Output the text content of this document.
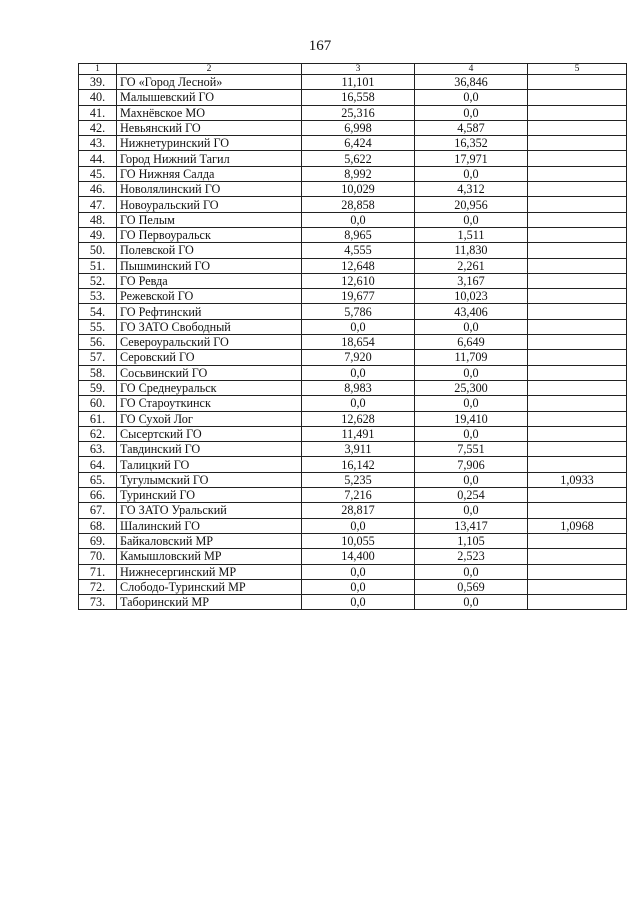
167
1	2	3	4	5
39.	ГО «Город Лесной»	11,101	36,846	
40.	Малышевский ГО	16,558	0,0	
41.	Махнёвское МО	25,316	0,0	
42.	Невьянский ГО	6,998	4,587	
43.	Нижнетуринский ГО	6,424	16,352	
44.	Город Нижний Тагил	5,622	17,971	
45.	ГО Нижняя Салда	8,992	0,0	
46.	Новолялинский ГО	10,029	4,312	
47.	Новоуральский ГО	28,858	20,956	
48.	ГО Пелым	0,0	0,0	
49.	ГО Первоуральск	8,965	1,511	
50.	Полевской ГО	4,555	11,830	
51.	Пышминский ГО	12,648	2,261	
52.	ГО Ревда	12,610	3,167	
53.	Режевской ГО	19,677	10,023	
54.	ГО Рефтинский	5,786	43,406	
55.	ГО ЗАТО Свободный	0,0	0,0	
56.	Североуральский ГО	18,654	6,649	
57.	Серовский ГО	7,920	11,709	
58.	Сосьвинский ГО	0,0	0,0	
59.	ГО Среднеуральск	8,983	25,300	
60.	ГО Староуткинск	0,0	0,0	
61.	ГО Сухой Лог	12,628	19,410	
62.	Сысертский ГО	11,491	0,0	
63.	Тавдинский ГО	3,911	7,551	
64.	Талицкий ГО	16,142	7,906	
65.	Тугулымский ГО	5,235	0,0	1,0933
66.	Туринский ГО	7,216	0,254	
67.	ГО ЗАТО Уральский	28,817	0,0	
68.	Шалинский ГО	0,0	13,417	1,0968
69.	Байкаловский МР	10,055	1,105	
70.	Камышловский МР	14,400	2,523	
71.	Нижнесергинский МР	0,0	0,0	
72.	Слободо-Туринский МР	0,0	0,569	
73.	Таборинский МР	0,0	0,0	
